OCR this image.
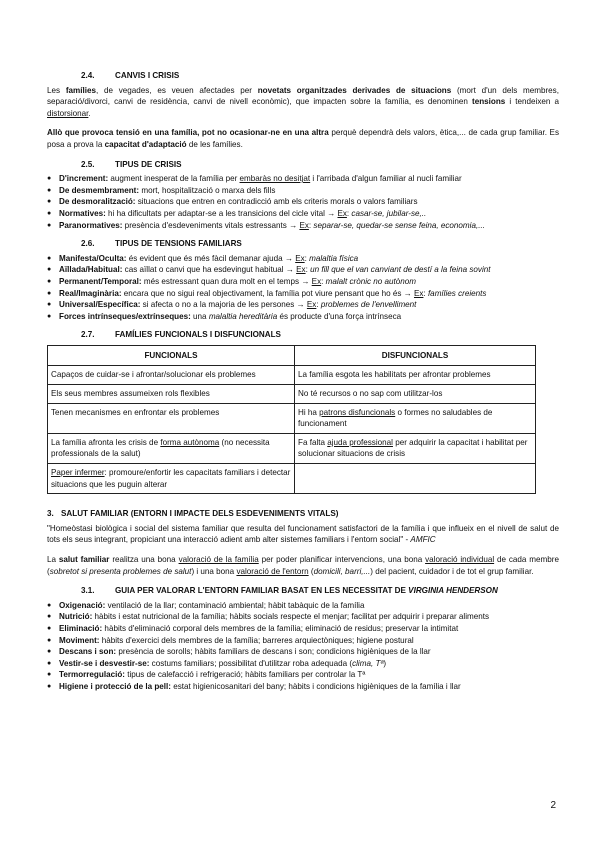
2.4.	CANVIS I CRISIS

Les famílies, de vegades, es veuen afectades per novetats organitzades derivades de situacions (mort d'un dels membres, separació/divorci, canvi de residència, canvi de nivell econòmic), que impacten sobre la família, es denominen tensions i tendeixen a distorsionar.

Allò que provoca tensió en una família, pot no ocasionar-ne en una altra perquè dependrà dels valors, ètica,... de cada grup familiar. Es posa a prova la capacitat d'adaptació de les famílies.

2.5.	TIPUS DE CRISIS
● D'increment: augment inesperat de la família per embaràs no desitjat i l'arribada d'algun familiar al nucli familiar
● De desmembrament: mort, hospitalització o marxa dels fills
● De desmoralització: situacions que entren en contradicció amb els criteris morals o valors familiars
● Normatives: hi ha dificultats per adaptar-se a les transicions del cicle vital → Ex: casar-se, jubilar-se,..
● Paranormatives: presència d'esdeveniments vitals estressants → Ex: separar-se, quedar-se sense feina, economia,...
2.6.	TIPUS DE TENSIONS FAMILIARS
● Manifesta/Oculta: és evident que és més fàcil demanar ajuda → Ex: malaltia física
● Aïllada/Habitual: cas aïllat o canvi que ha esdevingut habitual → Ex: un fill que el van canviant de destí a la feina sovint
● Permanent/Temporal: més estressant quan dura molt en el temps → Ex: malalt crònic no autònom
● Real/Imaginària: encara que no sigui real objectivament, la família pot viure pensant que ho és → Ex: famílies creients
● Universal/Específica: si afecta o no a la majoria de les persones → Ex: problemes de l'envelliment
● Forces intrínseques/extrínseques: una malaltia hereditària és producte d'una força intrínseca
2.7.	FAMÍLIES FUNCIONALS I DISFUNCIONALS
FUNCIONALS	DISFUNCIONALS
Capaços de cuidar-se i afrontar/solucionar els problemes	La família esgota les habilitats per afrontar problemes
Els seus membres assumeixen rols flexibles	No té recursos o no sap com utilitzar-los
Tenen mecanismes en enfrontar els problemes	Hi ha patrons disfuncionals o formes no saludables de funcionament
La família afronta les crisis de forma autònoma (no necessita professionals de la salut)	Fa falta ajuda professional per adquirir la capacitat i habilitat per solucionar situacions de crisis
Paper infermer: promoure/enfortir les capacitats familiars i detectar situacions que les puguin alterar	
3. SALUT FAMILIAR (ENTORN I IMPACTE DELS ESDEVENIMENTS VITALS)

"Homeòstasi biològica i social del sistema familiar que resulta del funcionament satisfactori de la família i que influeix en el nivell de salut de tots els seus integrant, propiciant una interacció adient amb alter sistemes familiars i l'entorn social" - AMFIC

La salut familiar realitza una bona valoració de la família per poder planificar intervencions, una bona valoració individual de cada membre (sobretot si presenta problemes de salut) i una bona valoració de l'entorn (domicili, barri,...) del pacient, cuidador i de tot el grup familiar.

3.1.	GUIA PER VALORAR L'ENTORN FAMILIAR BASAT EN LES NECESSITAT DE VIRGINIA HENDERSON
● Oxigenació: ventilació de la llar; contaminació ambiental; hàbit tabàquic de la família
● Nutrició: hàbits i estat nutricional de la família; hàbits socials respecte el menjar; facilitat per adquirir i preparar aliments
● Eliminació: hàbits d'eliminació corporal dels membres de la família; eliminació de residus; preservar la intimitat
● Moviment: hàbits d'exercici dels membres de la família; barreres arquiectòniques; higiene postural
● Descans i son: presència de sorolls; hàbits familiars de descans i son; condicions higièniques de la llar
● Vestir-se i desvestir-se: costums familiars; possibilitat d'utilitzar roba adequada (clima, Tª)
● Termorregulació: tipus de calefacció i refrigeració; hàbits familiars per controlar la Tª
● Higiene i protecció de la pell: estat higienicosanitari del bany; hàbits i condicions higièniques de la família i llar
2
